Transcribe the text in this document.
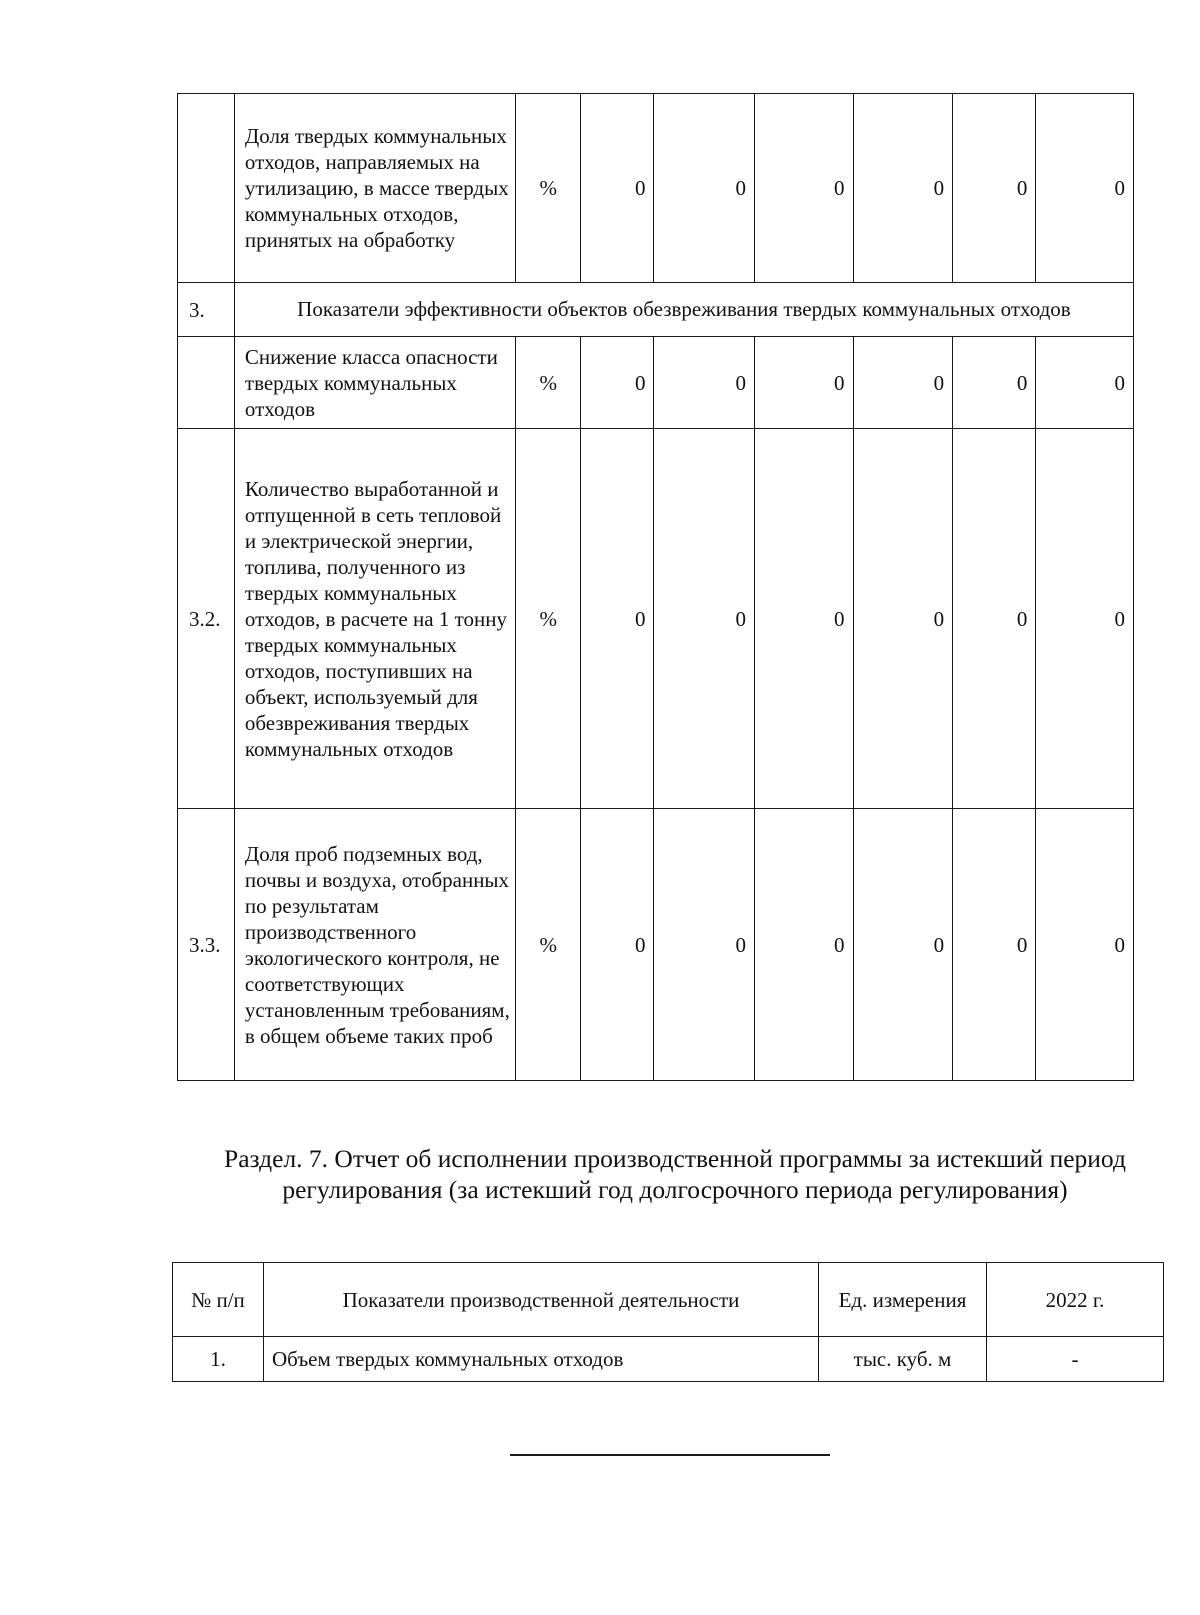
	Доля твердых коммунальных отходов, направляемых на утилизацию, в массе твердых коммунальных отходов, принятых на обработку	%	0	0	0	0	0	0
3.	Показатели эффективности объектов обезвреживания твердых коммунальных отходов							
	Снижение класса опасности твердых коммунальных отходов	%	0	0	0	0	0	0
3.2.	Количество выработанной и отпущенной в сеть тепловой и электрической энергии, топлива, полученного из твердых коммунальных отходов, в расчете на 1 тонну твердых коммунальных отходов, поступивших на объект, используемый для обезвреживания твердых коммунальных отходов	%	0	0	0	0	0	0
3.3.	Доля проб подземных вод, почвы и воздуха, отобранных по результатам производственного экологического контроля, не соответствующих установленным требованиям, в общем объеме таких проб	%	0	0	0	0	0	0
Раздел. 7. Отчет об исполнении производственной программы за истекший период регулирования (за истекший год долгосрочного периода регулирования)
№ п/п	Показатели производственной деятельности	Ед. измерения	2022 г.
1.	Объем твердых коммунальных отходов	тыс. куб. м	-
